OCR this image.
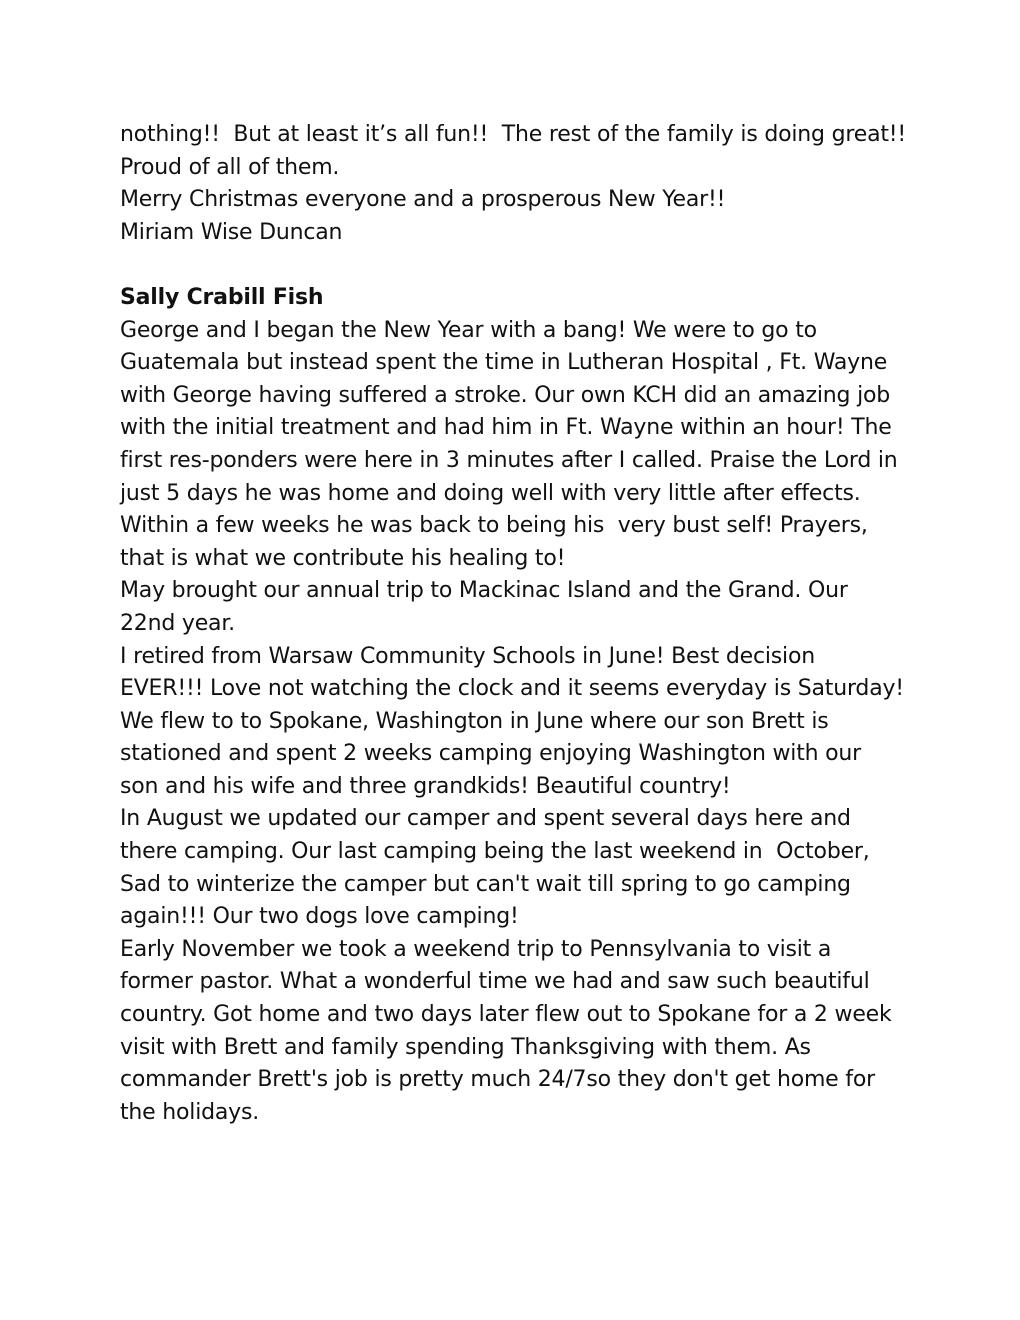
nothing!!  But at least it’s all fun!!  The rest of the family is doing great!!
Proud of all of them.
Merry Christmas everyone and a prosperous New Year!!
Miriam Wise Duncan
Sally Crabill Fish
George and I began the New Year with a bang! We were to go to
Guatemala but instead spent the time in Lutheran Hospital , Ft. Wayne
with George having suffered a stroke. Our own KCH did an amazing job
with the initial treatment and had him in Ft. Wayne within an hour! The
first res-ponders were here in 3 minutes after I called. Praise the Lord in
just 5 days he was home and doing well with very little after effects.
Within a few weeks he was back to being his  very bust self! Prayers,
that is what we contribute his healing to!
May brought our annual trip to Mackinac Island and the Grand. Our
22nd year.
I retired from Warsaw Community Schools in June! Best decision
EVER!!! Love not watching the clock and it seems everyday is Saturday!
We flew to to Spokane, Washington in June where our son Brett is
stationed and spent 2 weeks camping enjoying Washington with our
son and his wife and three grandkids! Beautiful country!
In August we updated our camper and spent several days here and
there camping. Our last camping being the last weekend in  October,
Sad to winterize the camper but can't wait till spring to go camping
again!!! Our two dogs love camping!
Early November we took a weekend trip to Pennsylvania to visit a
former pastor. What a wonderful time we had and saw such beautiful
country. Got home and two days later flew out to Spokane for a 2 week
visit with Brett and family spending Thanksgiving with them. As
commander Brett's job is pretty much 24/7so they don't get home for
the holidays.
